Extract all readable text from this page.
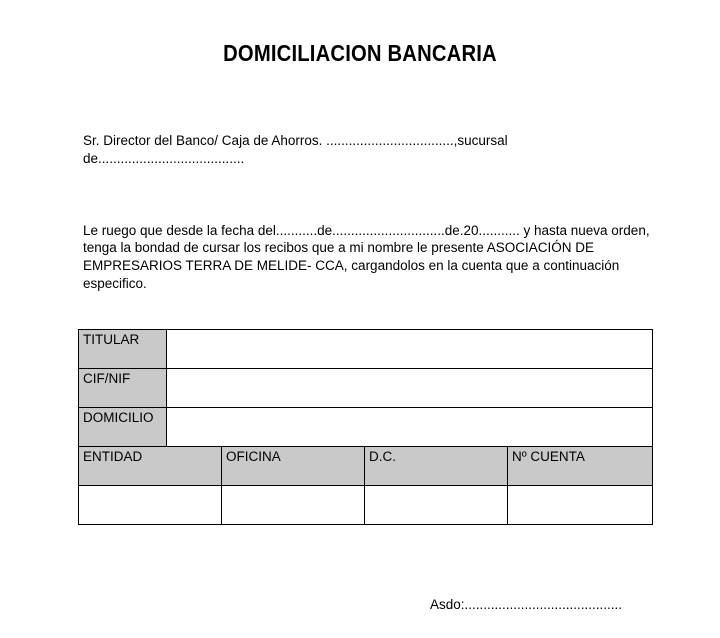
DOMICILIACION BANCARIA
Sr. Director del Banco/ Caja de Ahorros. ..................................,sucursal
de.......................................
Le ruego que desde la fecha del...........de..............................de.20........... y hasta nueva orden,
tenga la bondad de cursar los recibos que a mi nombre le presente ASOCIACIÓN DE
EMPRESARIOS TERRA DE MELIDE- CCA, cargandolos en la cuenta que a continuación
especifico.
TITULAR				
CIF/NIF				
DOMICILIO				
ENTIDAD		OFICINA	D.C.	Nº CUENTA

Asdo:..........................................
